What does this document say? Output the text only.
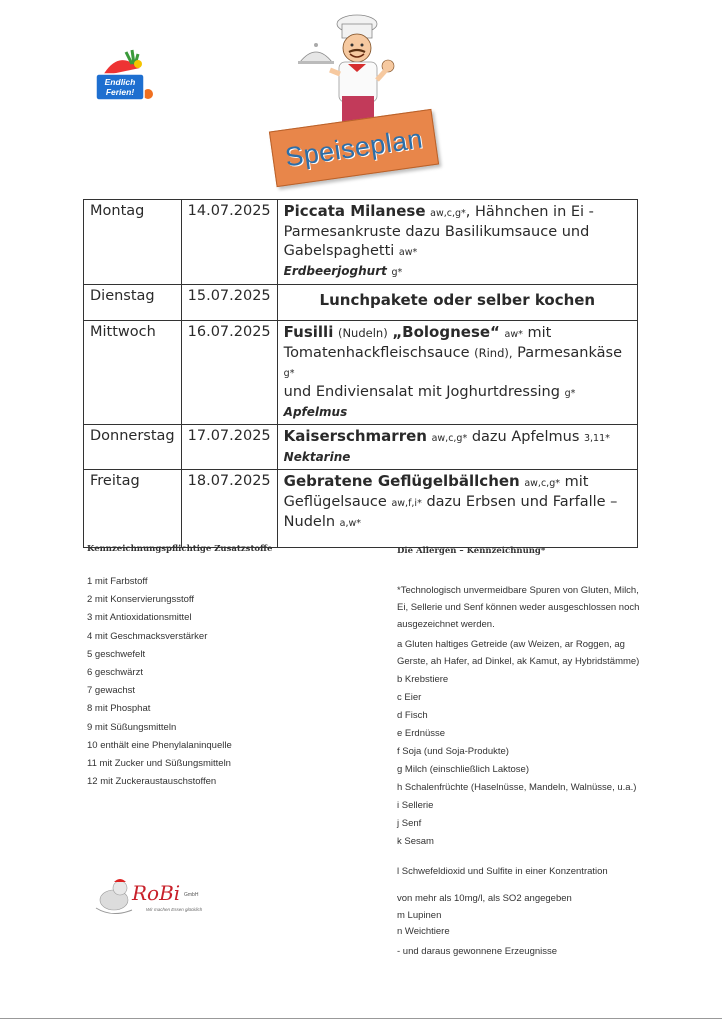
Endlich
Ferien!
Speiseplan
Montag	14.07.2025	Piccata Milanese aw,c,g*, Hähnchen in Ei -
Parmesankruste dazu Basilikumsauce und
Gabelspaghetti aw*
Erdbeerjoghurt g*
Dienstag	15.07.2025	Lunchpakete oder selber kochen
Mittwoch	16.07.2025	Fusilli (Nudeln) „Bolognese“ aw* mit
Tomatenhackfleischsauce (Rind), Parmesankäse g*
und Endiviensalat mit Joghurtdressing g*
Apfelmus
Donnerstag	17.07.2025	Kaiserschmarren aw,c,g* dazu Apfelmus 3,11*
Nektarine
Freitag	18.07.2025	Gebratene Geflügelbällchen aw,c,g* mit
Geflügelsauce aw,f,i* dazu Erbsen und Farfalle –
Nudeln a,w*
Kennzeichnungspflichtige Zusatzstoffe
1 mit Farbstoff
2 mit Konservierungsstoff
3 mit Antioxidationsmittel
4 mit Geschmacksverstärker
5 geschwefelt
6 geschwärzt
7 gewachst
8 mit Phosphat
9 mit Süßungsmitteln
10 enthält eine Phenylalaninquelle
11 mit Zucker und Süßungsmitteln
12 mit Zuckeraustauschstoffen
Die Allergen – Kennzeichnung*
*Technologisch unvermeidbare Spuren von Gluten, Milch,
Ei, Sellerie und Senf können weder ausgeschlossen noch
ausgezeichnet werden.
a Gluten haltiges Getreide (aw Weizen, ar Roggen, ag
Gerste, ah Hafer, ad Dinkel, ak Kamut, ay Hybridstämme)
b Krebstiere
c Eier
d Fisch
e Erdnüsse
f Soja (und Soja-Produkte)
g Milch (einschließlich Laktose)
h Schalenfrüchte (Haselnüsse, Mandeln, Walnüsse, u.a.)
i Sellerie
j Senf
k Sesam
l Schwefeldioxid und Sulfite in einer Konzentration
von mehr als 10mg/l, als SO2 angegeben
m Lupinen
n Weichtiere
- und daraus gewonnene Erzeugnisse
RoBi GmbH
Wir machen Essen glücklich
